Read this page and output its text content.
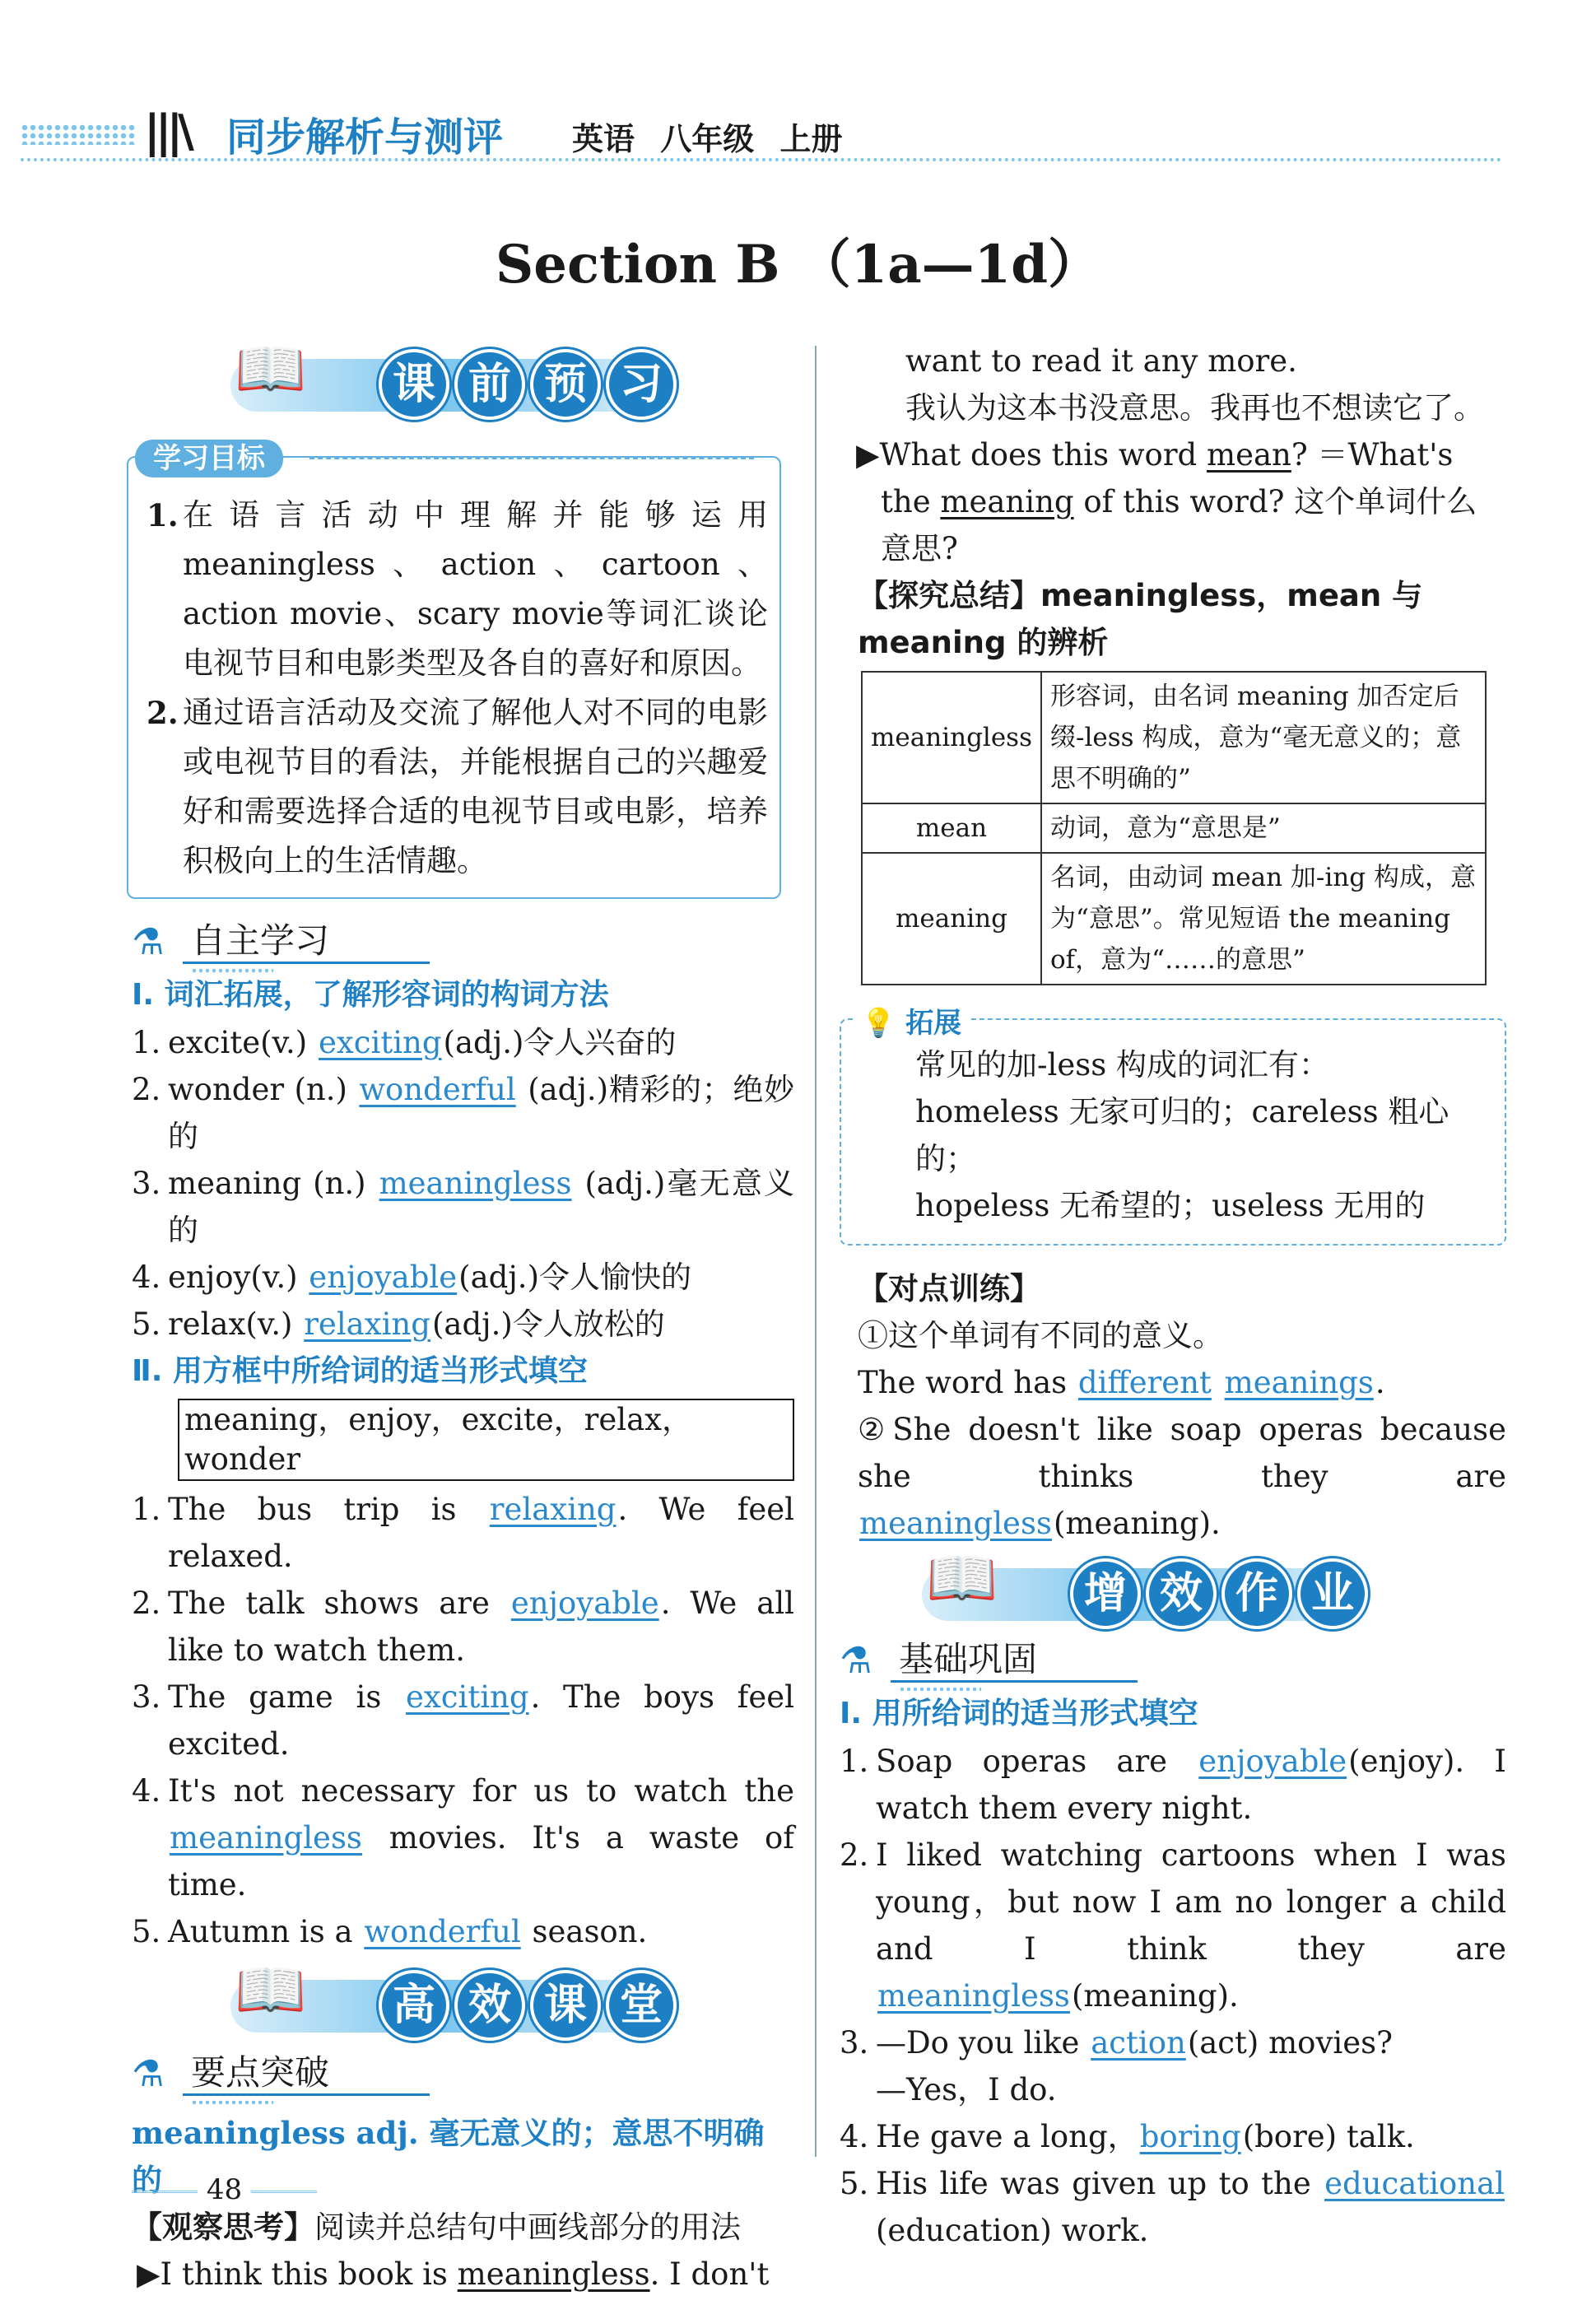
|||\ 同步解析与测评 英语 八年级 上册
Section B （1a—1d）
📖	课 前 预 习
学习目标
1. 在语言活动中理解并能够运用meaningless、action、cartoon、action movie、scary movie等词汇谈论电视节目和电影类型及各自的喜好和原因。
2. 通过语言活动及交流了解他人对不同的电影或电视节目的看法，并能根据自己的兴趣爱好和需要选择合适的电视节目或电影，培养积极向上的生活情趣。
⚗ 自主学习
Ⅰ. 词汇拓展，了解形容词的构词方法
1. excite(v.) exciting(adj.)令人兴奋的
2. wonder (n.) wonderful (adj.)精彩的；绝妙的
3. meaning (n.) meaningless (adj.)毫无意义的
4. enjoy(v.) enjoyable(adj.)令人愉快的
5. relax(v.) relaxing(adj.)令人放松的
Ⅱ. 用方框中所给词的适当形式填空
meaning，enjoy，excite，relax，wonder
1. The bus trip is relaxing. We feel relaxed.
2. The talk shows are enjoyable. We all like to watch them.
3. The game is exciting. The boys feel excited.
4. It's not necessary for us to watch the meaningless movies. It's a waste of time.
5. Autumn is a wonderful season.
📖	高 效 课 堂
⚗ 要点突破
meaningless adj. 毫无意义的；意思不明确的
【观察思考】阅读并总结句中画线部分的用法
▶I think this book is meaningless. I don't
want to read it any more.
我认为这本书没意思。我再也不想读它了。
▶What does this word mean? ＝What's the meaning of this word? 这个单词什么意思?
【探究总结】meaningless，mean 与 meaning 的辨析
meaningless	形容词，由名词 meaning 加否定后缀-less 构成，意为“毫无意义的；意思不明确的”
mean	动词，意为“意思是”
meaning	名词，由动词 mean 加-ing 构成，意为“意思”。常见短语 the meaning of，意为“……的意思”
💡 拓展
常见的加-less 构成的词汇有：
homeless 无家可归的；careless 粗心的；
hopeless 无希望的；useless 无用的
【对点训练】
①这个单词有不同的意义。
The word has different meanings.
②She doesn't like soap operas because she thinks they are meaningless(meaning).
📖	增 效 作 业
⚗ 基础巩固
Ⅰ. 用所给词的适当形式填空
1. Soap operas are enjoyable(enjoy). I watch them every night.
2. I liked watching cartoons when I was young，but now I am no longer a child and I think they are meaningless(meaning).
3. —Do you like action(act) movies?
—Yes，I do.
4. He gave a long，boring(bore) talk.
5. His life was given up to the educational (education) work.
48
